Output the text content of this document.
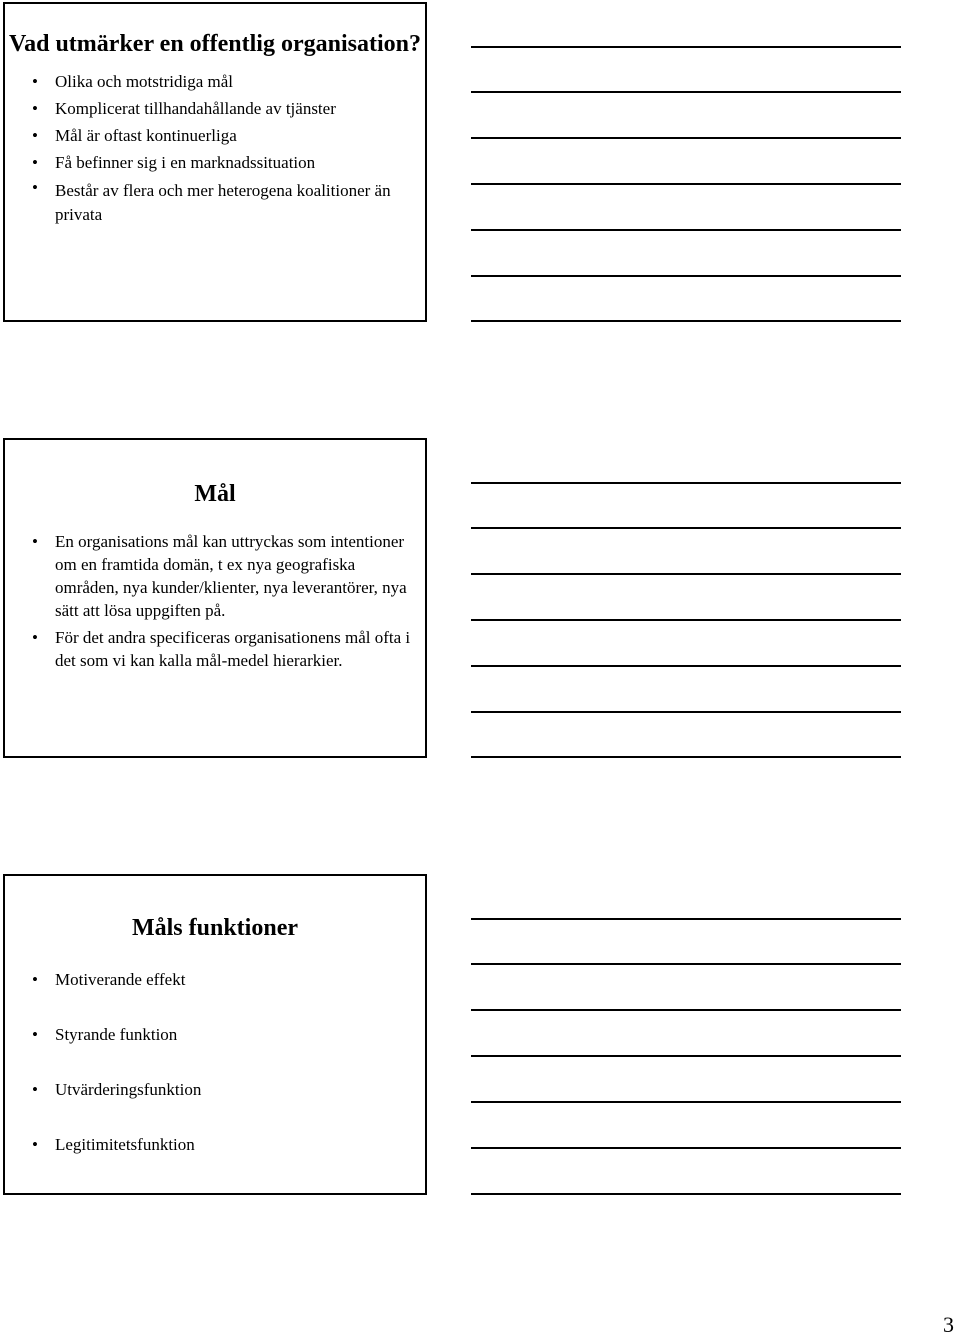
Vad utmärker en offentlig organisation?
• Olika och motstridiga mål
• Komplicerat tillhandahållande av tjänster
• Mål är oftast kontinuerliga
• Få befinner sig i en marknadssituation
• Består av flera och mer heterogena koalitioner än privata
Mål
• En organisations mål kan uttryckas som intentioner om en framtida domän, t ex nya geografiska områden, nya kunder/klienter, nya leverantörer, nya sätt att lösa uppgiften på.
• För det andra specificeras organisationens mål ofta i det som vi kan kalla mål-medel hierarkier.
Måls funktioner
• Motiverande effekt
• Styrande funktion
• Utvärderingsfunktion
• Legitimitetsfunktion
3
